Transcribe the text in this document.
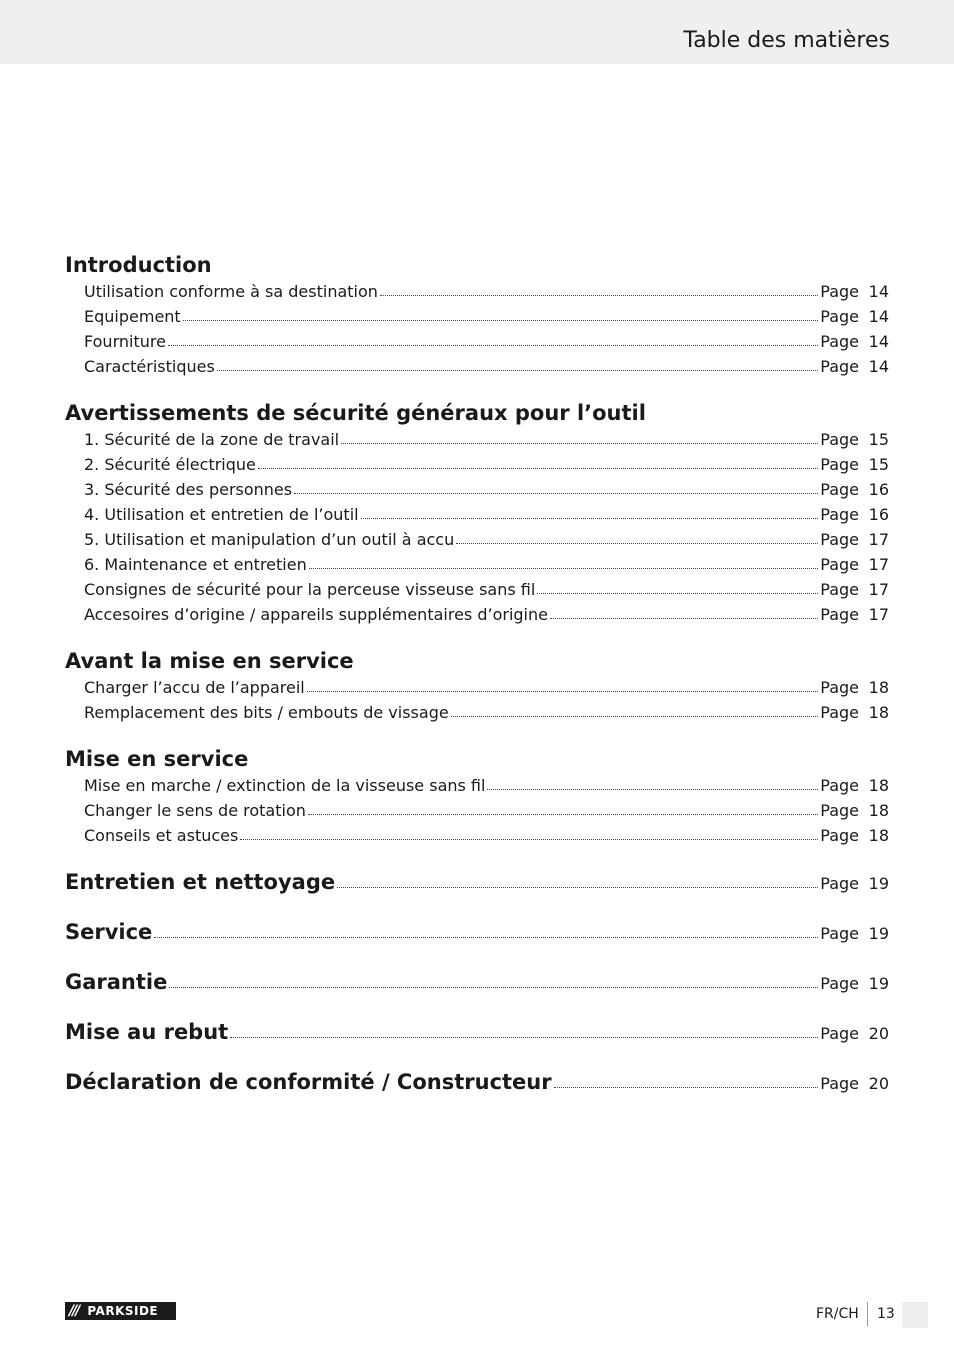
Table des matières
Introduction
Utilisation conforme à sa destination	Page 14
Equipement	Page 14
Fourniture	Page 14
Caractéristiques	Page 14
Avertissements de sécurité généraux pour l’outil
1. Sécurité de la zone de travail	Page 15
2. Sécurité électrique	Page 15
3. Sécurité des personnes	Page 16
4. Utilisation et entretien de l’outil	Page 16
5. Utilisation et manipulation d’un outil à accu	Page 17
6. Maintenance et entretien	Page 17
Consignes de sécurité pour la perceuse visseuse sans fil	Page 17
Accesoires d’origine / appareils supplémentaires d’origine	Page 17
Avant la mise en service
Charger l’accu de l’appareil	Page 18
Remplacement des bits / embouts de vissage	Page 18
Mise en service
Mise en marche / extinction de la visseuse sans fil	Page 18
Changer le sens de rotation	Page 18
Conseils et astuces	Page 18
Entretien et nettoyage	Page 19
Service	Page 19
Garantie	Page 19
Mise au rebut	Page 20
Déclaration de conformité / Constructeur	Page 20
/// PARKSIDE	FR/CH 13
